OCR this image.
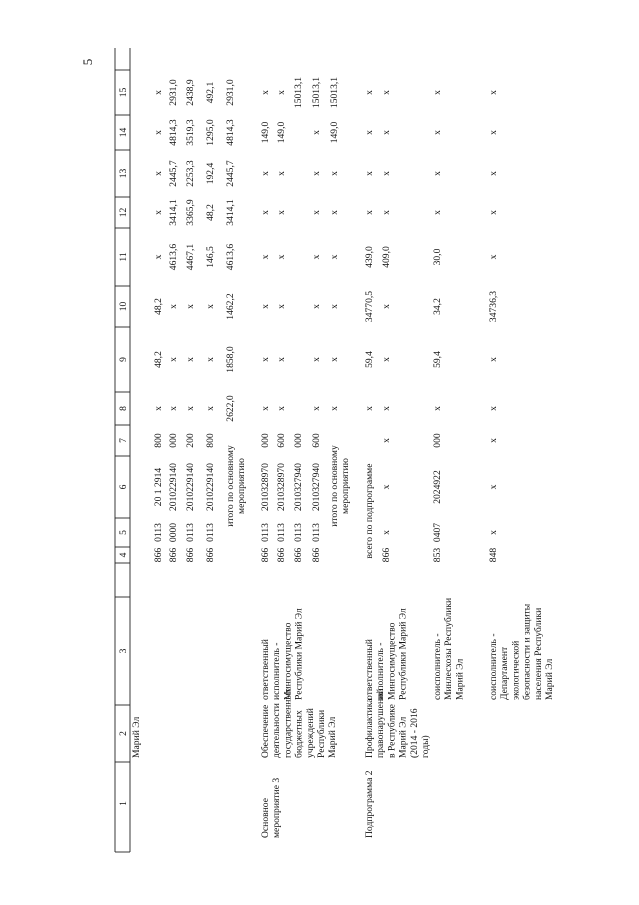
5
1
2
3
4
5
6
7
8
9
10
11
12
13
14
15
Марий Эл
866
0113
20 1 2914
800
х
48,2
48,2
х
х
х
х
х
866
0000
2010229140
000
х
х
х
4613,6
3414,1
2445,7
4814,3
2931,0
866
0113
2010229140
200
х
х
х
4467,1
3365,9
2253,3
3519,3
2438,9
866
0113
2010229140
800
х
х
х
146,5
48,2
192,4
1295,0
492,1
итого по основному мероприятию
2622,0
1858,0
1462,2
4613,6
3414,1
2445,7
4814,3
2931,0
Основное мероприятие 3
Обеспечение деятельности государственных бюджетных учреждений Республики Марий Эл
ответственный исполнитель - Мингосимущество Республики Марий Эл
866
0113
2010328970
000
х
х
х
х
х
х
149,0
х
866
0113
2010328970
600
х
х
х
х
х
х
149,0
х
866
0113
2010327940
000
15013,1
866
0113
2010327940
600
х
х
х
х
х
х
х
15013,1
итого по основному мероприятию
х
х
х
х
х
х
149,0
15013,1
Подпрограмма 2
Профилактика правонарушений в Республике Марий Эл (2014 - 2016 годы)
ответственный исполнитель - Мингосимущество Республики Марий Эл
всего по подпрограмме
х
59,4
34770,5
439,0
х
х
х
х
866
х
х
х
х
х
х
409,0
х
х
х
х
соисполнитель - Минлесхозы Республики Марий Эл
853
0407
2024922
000
х
59,4
34,2
30,0
х
х
х
х
соисполнитель - Департамент экологической безопасности и защиты населения Республики Марий Эл
848
х
х
х
х
х
34736,3
х
х
х
х
х
